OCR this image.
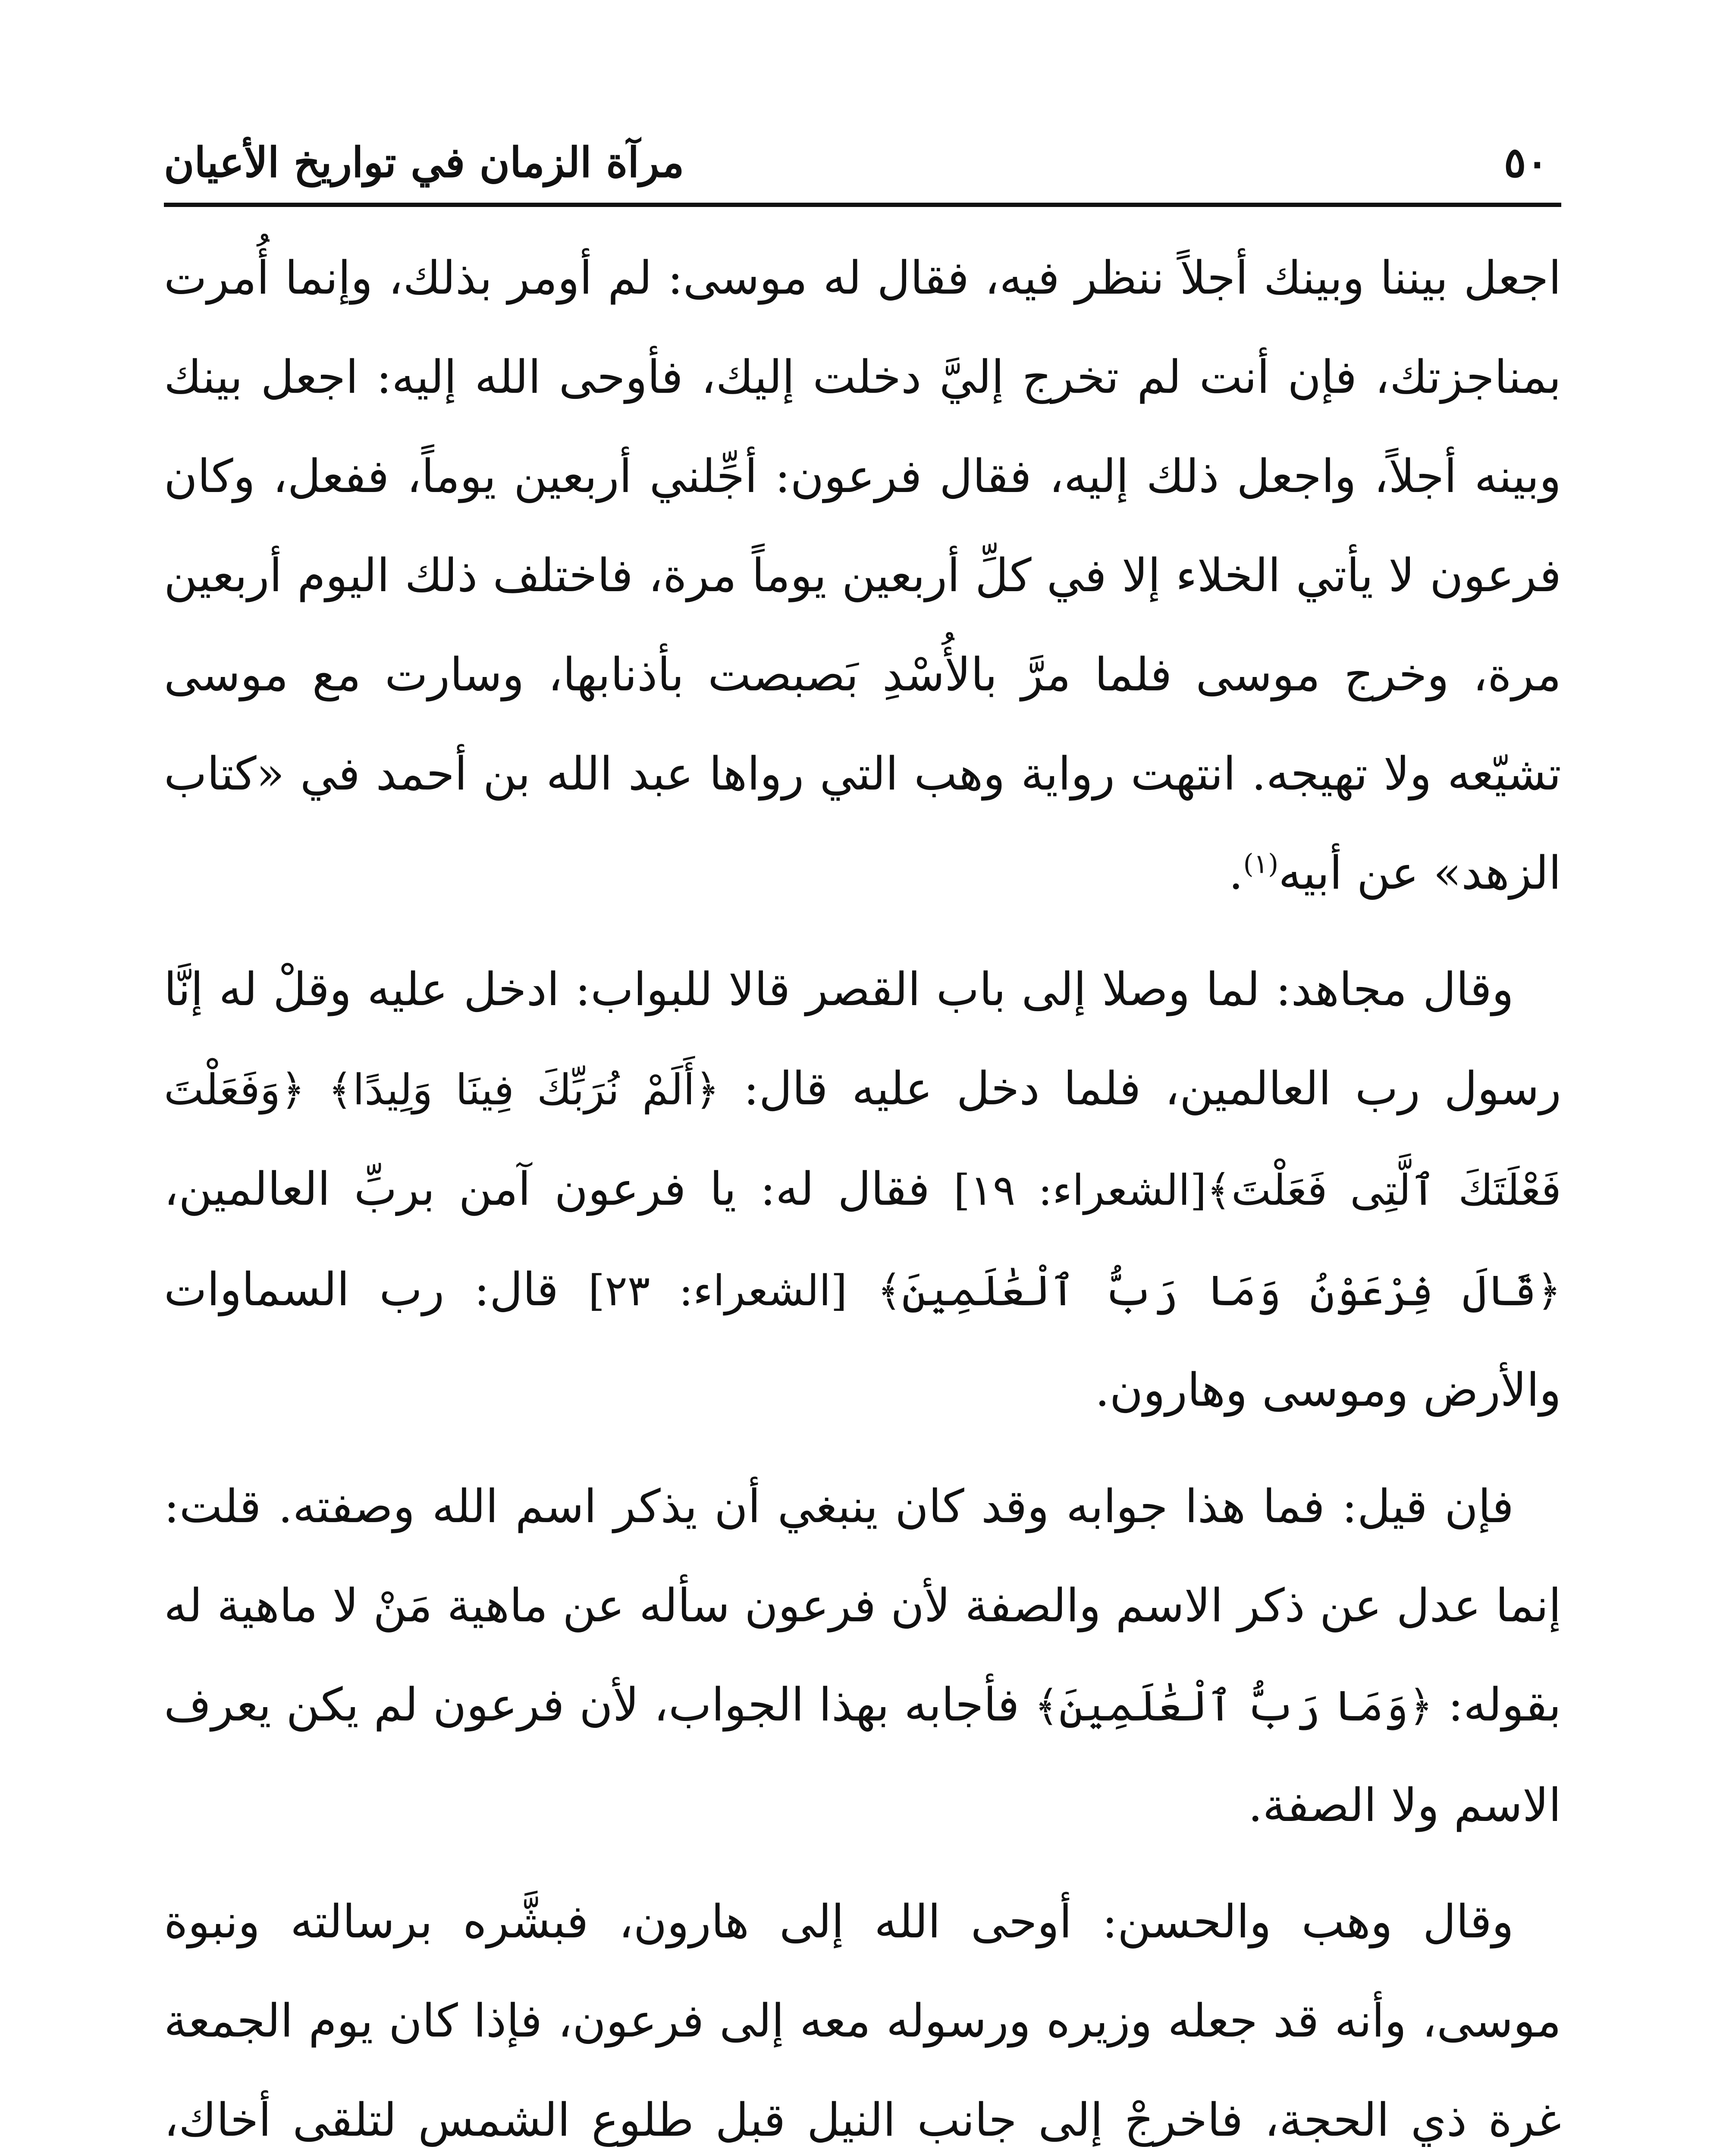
٥٠
مرآة الزمان في تواريخ الأعيان

اجعل بيننا وبينك أجلاً ننظر فيه، فقال له موسى: لم أومر بذلك، وإنما أُمرت بمناجزتك، فإن أنت لم تخرج إليَّ دخلت إليك، فأوحى الله إليه: اجعل بينك وبينه أجلاً، واجعل ذلك إليه، فقال فرعون: أجِّلني أربعين يوماً، ففعل، وكان فرعون لا يأتي الخلاء إلا في كلِّ أربعين يوماً مرة، فاختلف ذلك اليوم أربعين مرة، وخرج موسى فلما مرَّ بالأُسْدِ بَصبصت بأذنابها، وسارت مع موسى تشيّعه ولا تهيجه. انتهت رواية وهب التي رواها عبد الله بن أحمد في «كتاب الزهد» عن أبيه$^{(١)}$.

وقال مجاهد: لما وصلا إلى باب القصر قالا للبواب: ادخل عليه وقلْ له إنَّا رسول رب العالمين، فلما دخل عليه قال: ﴿أَلَمْ نُرَبِّكَ فِينَا وَلِيدًا﴾ ﴿وَفَعَلْتَ فَعْلَتَكَ ٱلَّتِى فَعَلْتَ﴾[الشعراء: ١٩] فقال له: يا فرعون آمن بربِّ العالمين، ﴿قَالَ فِرْعَوْنُ وَمَا رَبُّ ٱلْعَٰلَمِينَ﴾ [الشعراء: ٢٣] قال: رب السماوات والأرض وموسى وهارون.

فإن قيل: فما هذا جوابه وقد كان ينبغي أن يذكر اسم الله وصفته. قلت: إنما عدل عن ذكر الاسم والصفة لأن فرعون سأله عن ماهية مَنْ لا ماهية له بقوله: ﴿وَمَا رَبُّ ٱلْعَٰلَمِينَ﴾ فأجابه بهذا الجواب، لأن فرعون لم يكن يعرف الاسم ولا الصفة.

وقال وهب والحسن: أوحى الله إلى هارون، فبشَّره برسالته ونبوة موسى، وأنه قد جعله وزيره ورسوله معه إلى فرعون، فإذا كان يوم الجمعة غرة ذي الحجة، فاخرجْ إلى جانب النيل قبل طلوع الشمس لتلقى أخاك،
